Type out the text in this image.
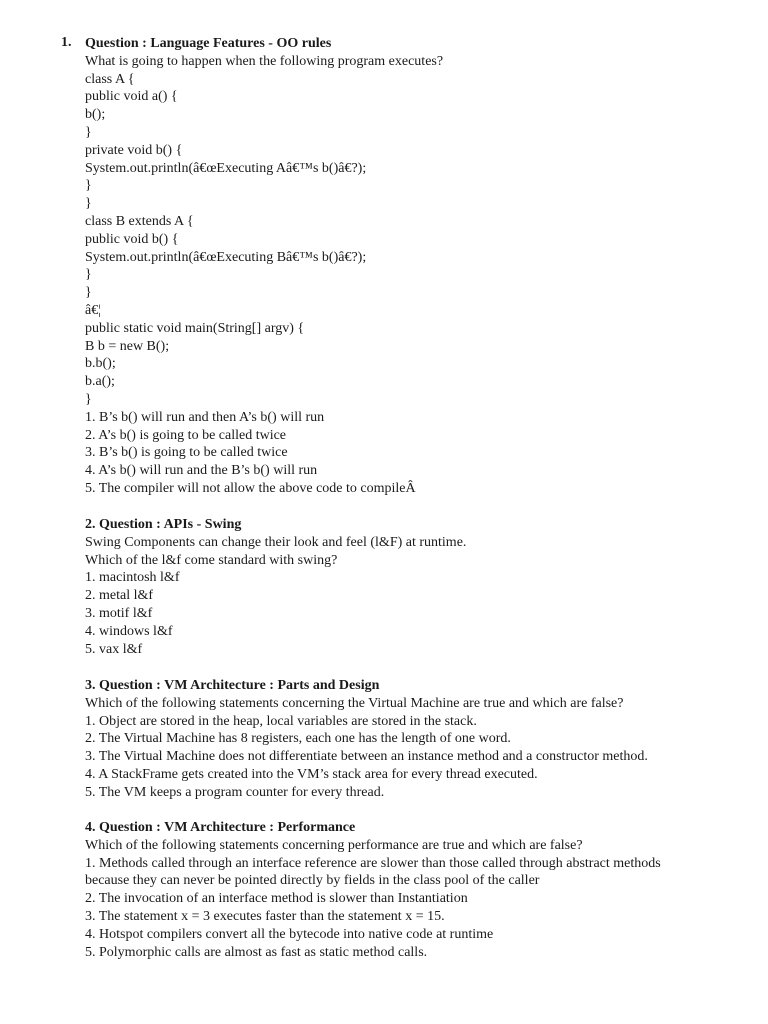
1. Question : Language Features - OO rules
What is going to happen when the following program executes?
class A {
public void a() {
b();
}
private void b() {
System.out.println(â€œExecuting Aâ€™s b()â€?);
}
}
class B extends A {
public void b() {
System.out.println(â€œExecuting Bâ€™s b()â€?);
}
}
â€¦
public static void main(String[] argv) {
B b = new B();
b.b();
b.a();
}
1. B’s b() will run and then A’s b() will run
2. A’s b() is going to be called twice
3. B’s b() is going to be called twice
4. A’s b() will run and the B’s b() will run
5. The compiler will not allow the above code to compileÂ
2. Question : APIs - Swing
Swing Components can change their look and feel (l&F) at runtime.
Which of the l&f come standard with swing?
1. macintosh l&f
2. metal l&f
3. motif l&f
4. windows l&f
5. vax l&f
3. Question : VM Architecture : Parts and Design
Which of the following statements concerning the Virtual Machine are true and which are false?
1. Object are stored in the heap, local variables are stored in the stack.
2. The Virtual Machine has 8 registers, each one has the length of one word.
3. The Virtual Machine does not differentiate between an instance method and a constructor method.
4. A StackFrame gets created into the VM’s stack area for every thread executed.
5. The VM keeps a program counter for every thread.
4. Question : VM Architecture : Performance
Which of the following statements concerning performance are true and which are false?
1. Methods called through an interface reference are slower than those called through abstract methods
because they can never be pointed directly by fields in the class pool of the caller
2. The invocation of an interface method is slower than Instantiation
3. The statement x = 3 executes faster than the statement x = 15.
4. Hotspot compilers convert all the bytecode into native code at runtime
5. Polymorphic calls are almost as fast as static method calls.
